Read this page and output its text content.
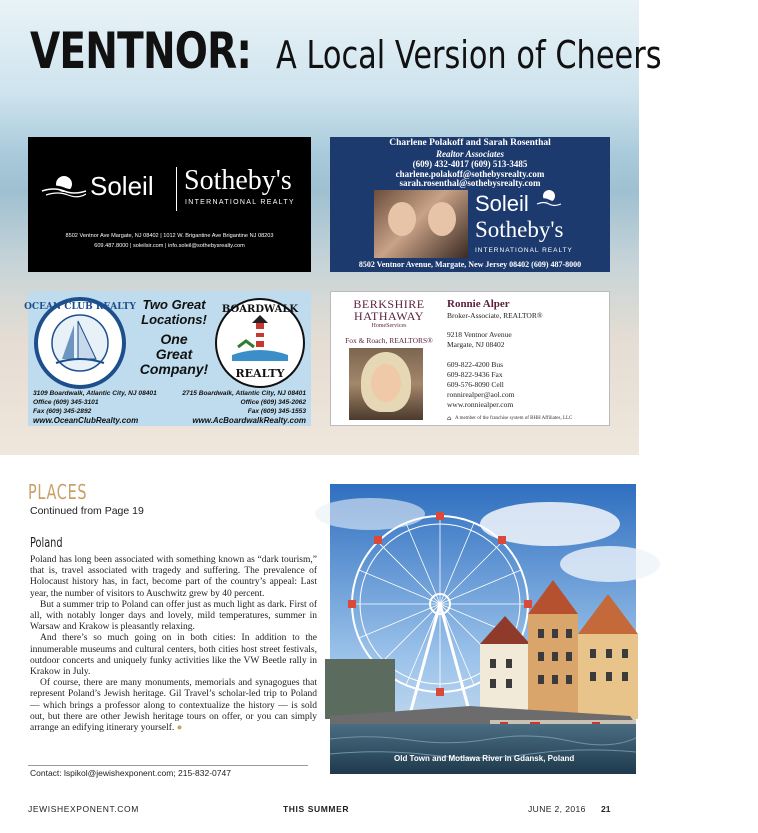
VENTNOR: A Local Version of Cheers
Soleil Sotheby's
INTERNATIONAL REALTY
8502 Ventnor Ave Margate, NJ 08402 | 1012 W. Brigantine Ave Brigantine NJ 08203
609.487.8000 | soleilsir.com | info.soleil@sothebysrealty.com
Charlene Polakoff and Sarah Rosenthal
Realtor Associates
(609) 432-4017 (609) 513-3485
charlene.polakoff@sothebysrealty.com
sarah.rosenthal@sothebysrealty.com
Soleil
Sotheby's
INTERNATIONAL REALTY
8502 Ventnor Avenue, Margate, New Jersey 08402 (609) 487-8000
OCEAN CLUB REALTY Two Great
Locations!
One
Great
Company!
BOARDWALK
REALTY
3109 Boardwalk, Atlantic City, NJ 08401
Office (609) 345-3101
Fax (609) 345-2892
www.OceanClubRealty.com
2715 Boardwalk, Atlantic City, NJ 08401
Office (609) 345-2062
Fax (609) 345-1553
www.AcBoardwalkRealty.com
BERKSHIRE
HATHAWAY
HomeServices
Fox & Roach, REALTORS®
Ronnie Alper
Broker-Associate, REALTOR®
9218 Ventnor Avenue
Margate, NJ 08402
609-822-4200 Bus
609-822-9436 Fax
609-576-8090 Cell
ronnirealper@aol.com
www.ronniealper.com
⌂ A member of the franchise system of BHH Affiliates, LLC
PLACES
Continued from Page 19
Poland

Poland has long been associated with something known as “dark tourism,” that is, travel associated with tragedy and suffering. The prevalence of Holocaust history has, in fact, become part of the country’s appeal: Last year, the number of visitors to Auschwitz grew by 40 percent.

But a summer trip to Poland can offer just as much light as dark. First of all, with notably longer days and lovely, mild temperatures, summer in Warsaw and Krakow is pleasantly relaxing.

And there’s so much going on in both cities: In addition to the innumerable museums and cultural centers, both cities host street festivals, outdoor concerts and uniquely funky activities like the VW Beetle rally in Krakow in July.

Of course, there are many monuments, memorials and synagogues that represent Poland’s Jewish heritage. Gil Travel’s scholar-led trip to Poland — which brings a professor along to contextualize the history — is sold out, but there are other Jewish heritage tours on offer, or you can simply arrange an edifying itinerary yourself. ●

Contact: lspikol@jewishexponent.com; 215-832-0747
Old Town and Motlawa River in Gdansk, Poland
JEWISHEXPONENT.COM	THIS SUMMER	JUNE 2, 2016 21
